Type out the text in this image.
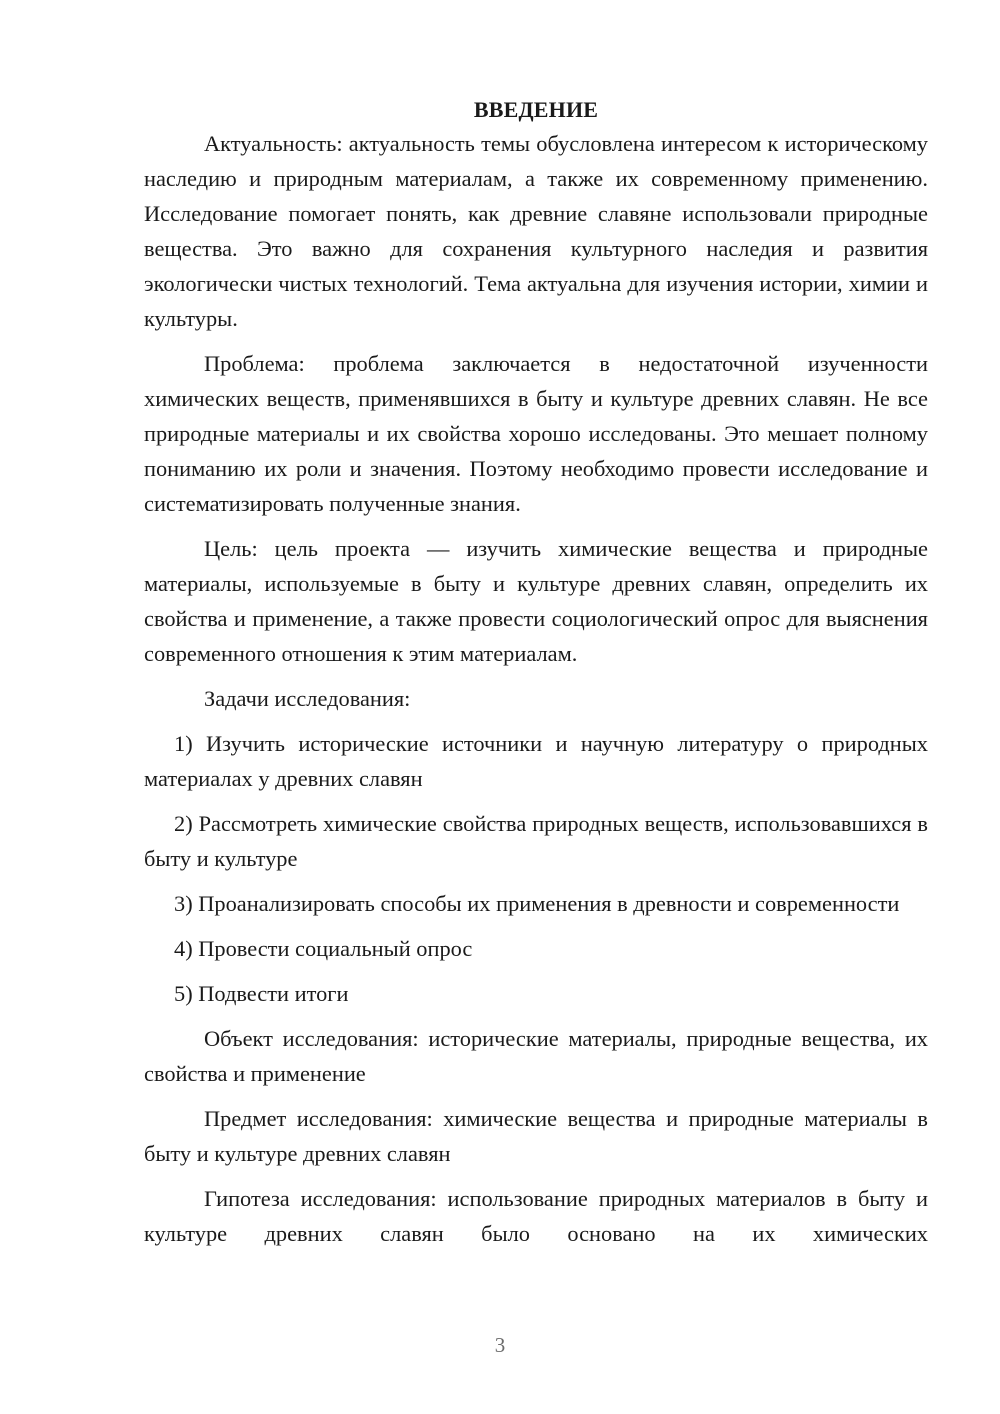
ВВЕДЕНИЕ

Актуальность: актуальность темы обусловлена интересом к историческому наследию и природным материалам, а также их современному применению. Исследование помогает понять, как древние славяне использовали природные вещества. Это важно для сохранения культурного наследия и развития экологически чистых технологий. Тема актуальна для изучения истории, химии и культуры.

Проблема: проблема заключается в недостаточной изученности химических веществ, применявшихся в быту и культуре древних славян. Не все природные материалы и их свойства хорошо исследованы. Это мешает полному пониманию их роли и значения. Поэтому необходимо провести исследование и систематизировать полученные знания.

Цель: цель проекта — изучить химические вещества и природные материалы, используемые в быту и культуре древних славян, определить их свойства и применение, а также провести социологический опрос для выяснения современного отношения к этим материалам.

Задачи исследования:

1) Изучить исторические источники и научную литературу о природных материалах у древних славян

2) Рассмотреть химические свойства природных веществ, использовавшихся в быту и культуре

3) Проанализировать способы их применения в древности и современности

4) Провести социальный опрос

5) Подвести итоги

Объект исследования: исторические материалы, природные вещества, их свойства и применение

Предмет исследования: химические вещества и природные материалы в быту и культуре древних славян

Гипотеза исследования: использование природных материалов в быту и культуре древних славян было основано на их химических

3
